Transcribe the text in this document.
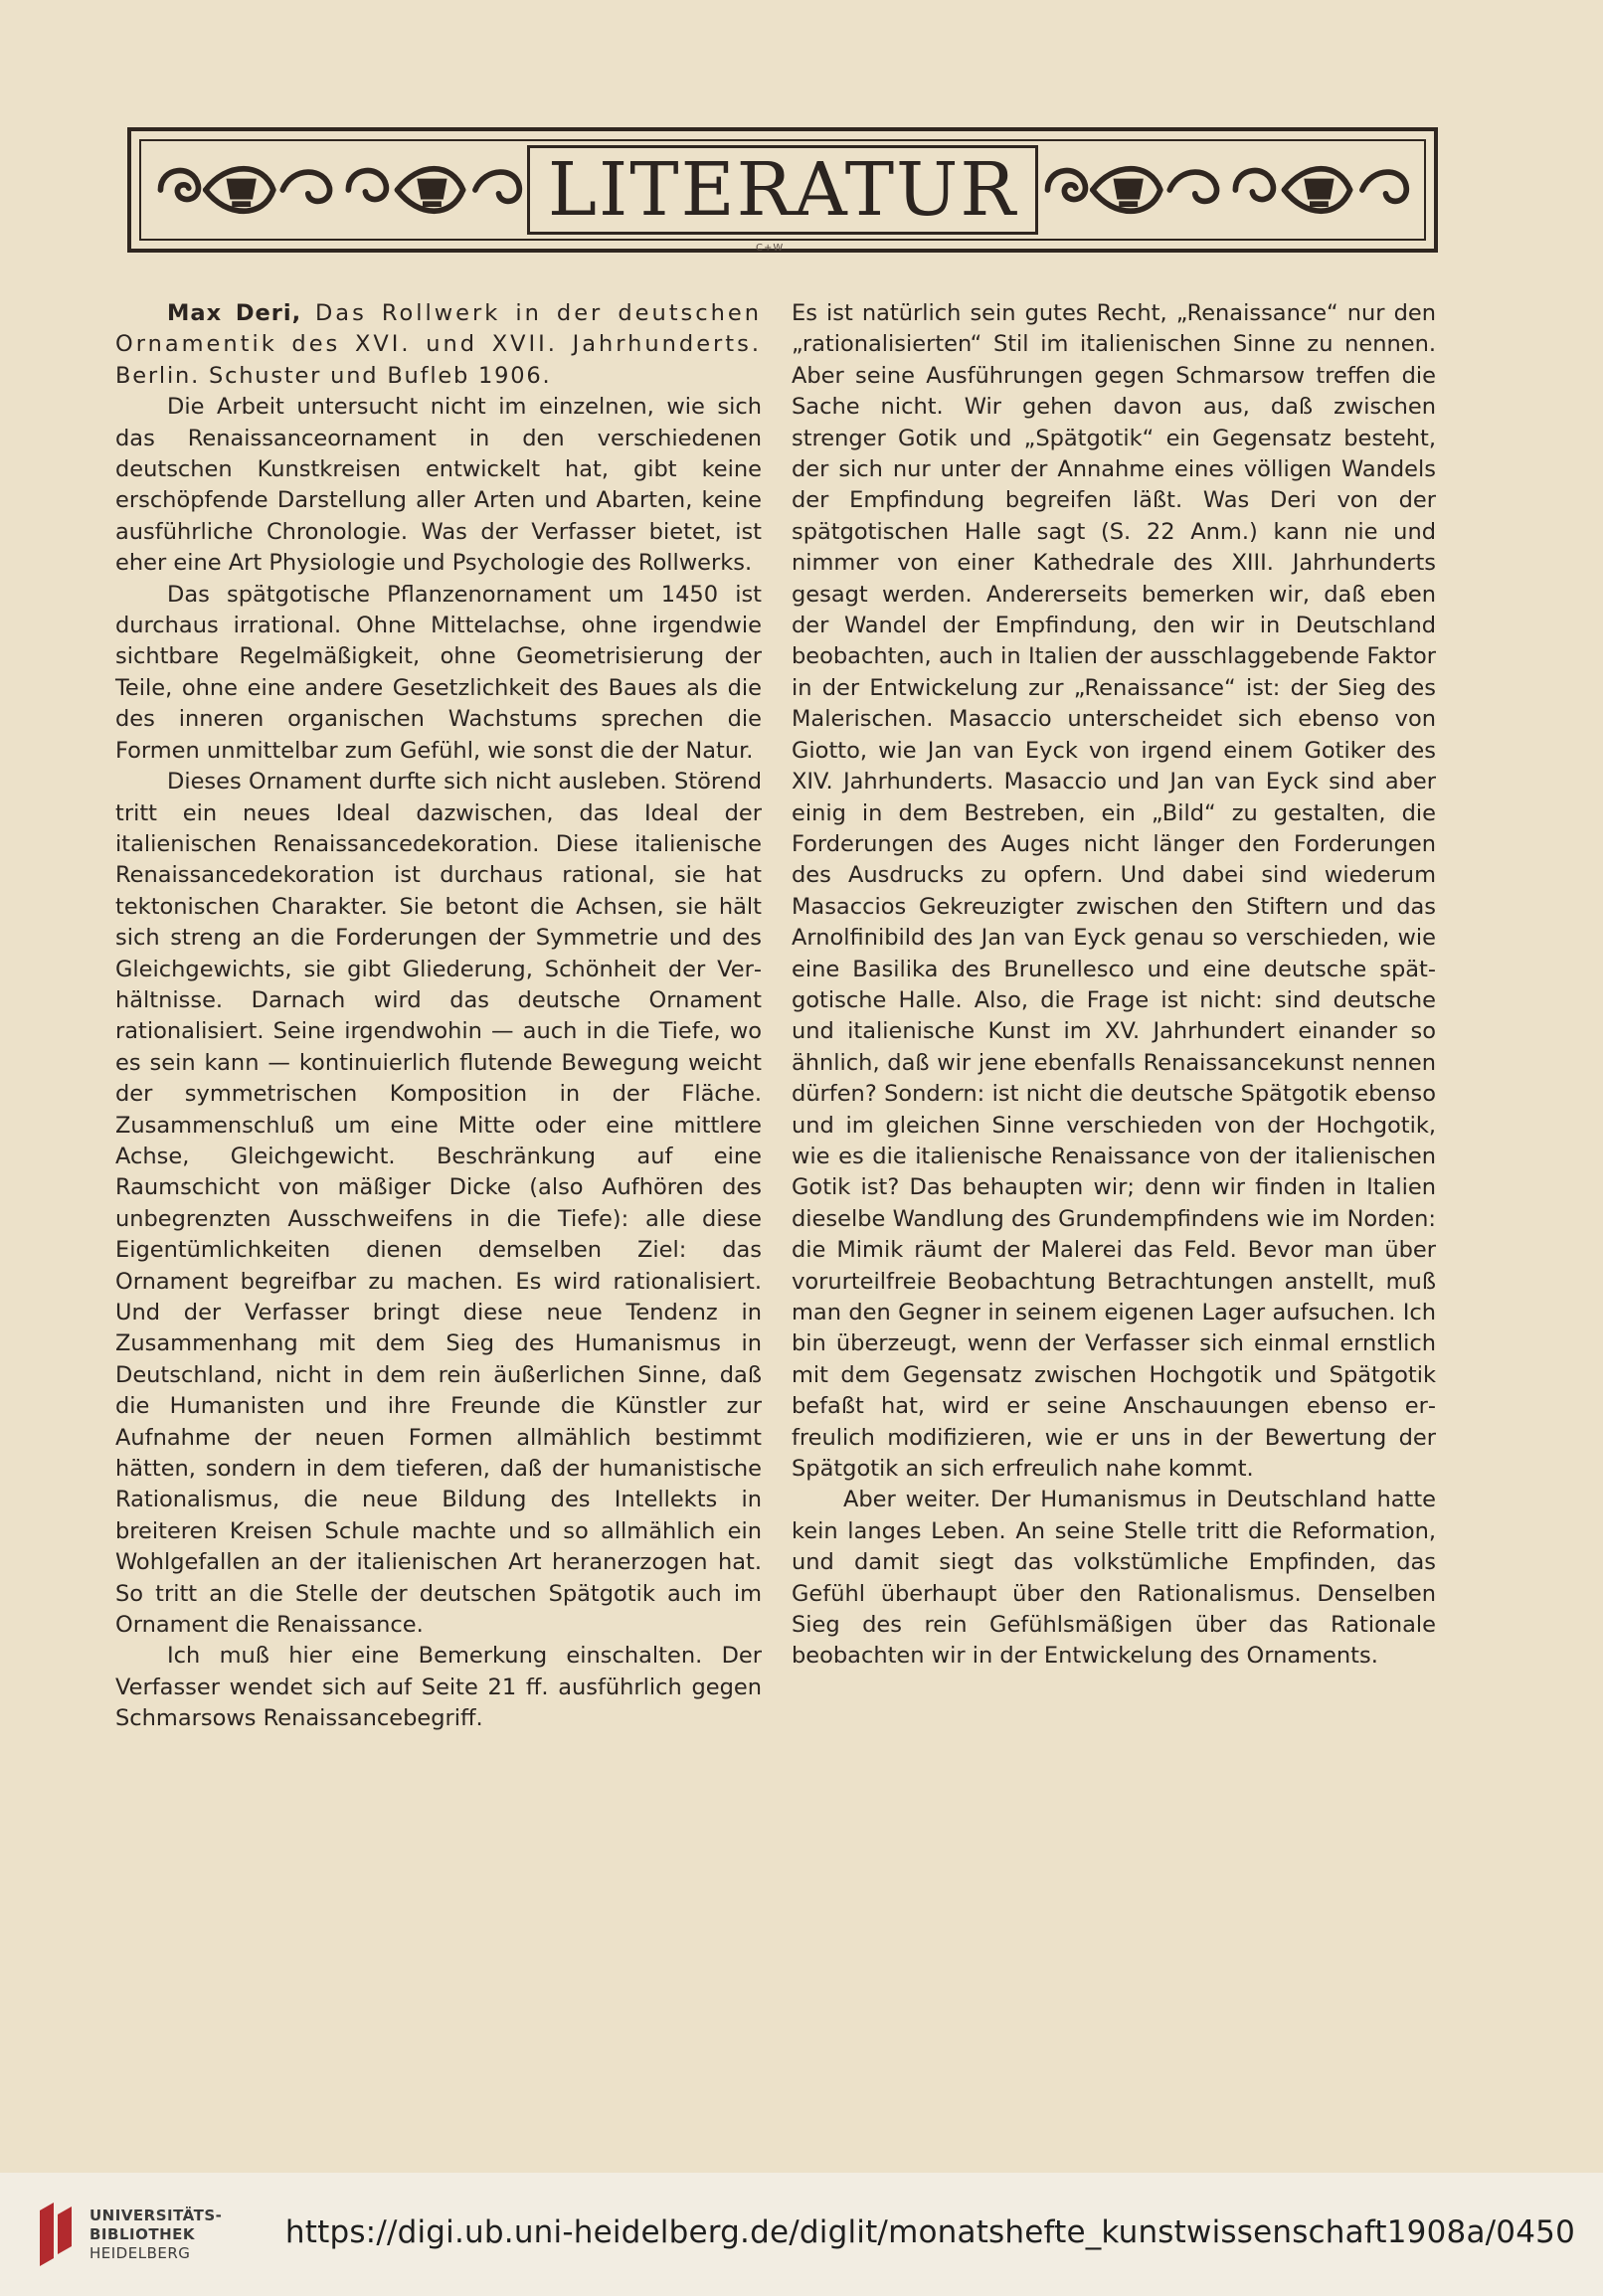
LITERATUR
C+W

Max Deri, Das Rollwerk in der deutschen Ornamentik des XVI. und XVII. Jahrhunderts. Berlin. Schuster und Bufleb 1906.

Die Arbeit untersucht nicht im einzelnen, wie sich das Renaissanceornament in den verschiedenen deutschen Kunstkreisen entwickelt hat, gibt keine erschöpfende Darstellung aller Arten und Abarten, keine ausführliche Chronologie. Was der Verfasser bietet, ist eher eine Art Physiologie und Psychologie des Rollwerks.

Das spätgotische Pflanzenornament um 1450 ist durchaus irrational. Ohne Mittelachse, ohne irgendwie sichtbare Regelmäßigkeit, ohne Geometrisierung der Teile, ohne eine andere Gesetzlichkeit des Baues als die des inneren organischen Wachstums sprechen die Formen unmittelbar zum Gefühl, wie sonst die der Natur.

Dieses Ornament durfte sich nicht ausleben. Störend tritt ein neues Ideal dazwischen, das Ideal der italienischen Renaissancedekoration. Diese italienische Renaissancedekoration ist durchaus rational, sie hat tektonischen Charakter. Sie betont die Achsen, sie hält sich streng an die Forderungen der Symmetrie und des Gleichgewichts, sie gibt Gliederung, Schönheit der Verhältnisse. Darnach wird das deutsche Ornament rationalisiert. Seine irgendwohin — auch in die Tiefe, wo es sein kann — kontinuierlich flutende Bewegung weicht der symmetrischen Komposition in der Fläche. Zusammenschluß um eine Mitte oder eine mittlere Achse, Gleichgewicht. Beschränkung auf eine Raumschicht von mäßiger Dicke (also Aufhören des unbegrenzten Ausschweifens in die Tiefe): alle diese Eigentümlichkeiten dienen demselben Ziel: das Ornament begreifbar zu machen. Es wird rationalisiert. Und der Verfasser bringt diese neue Tendenz in Zusammenhang mit dem Sieg des Humanismus in Deutschland, nicht in dem rein äußerlichen Sinne, daß die Humanisten und ihre Freunde die Künstler zur Aufnahme der neuen Formen allmählich bestimmt hätten, sondern in dem tieferen, daß der humanistische Rationalismus, die neue Bildung des Intellekts in breiteren Kreisen Schule machte und so allmählich ein Wohlgefallen an der italienischen Art heranerzogen hat. So tritt an die Stelle der deutschen Spätgotik auch im Ornament die Renaissance.

Ich muß hier eine Bemerkung einschalten. Der Verfasser wendet sich auf Seite 21 ff. ausführlich gegen Schmarsows Renaissancebegriff.

Es ist natürlich sein gutes Recht, „Renaissance“ nur den „rationalisierten“ Stil im italienischen Sinne zu nennen. Aber seine Ausführungen gegen Schmarsow treffen die Sache nicht. Wir gehen davon aus, daß zwischen strenger Gotik und „Spätgotik“ ein Gegensatz besteht, der sich nur unter der Annahme eines völligen Wandels der Empfindung begreifen läßt. Was Deri von der spätgotischen Halle sagt (S. 22 Anm.) kann nie und nimmer von einer Kathedrale des XIII. Jahrhunderts gesagt werden. Andererseits bemerken wir, daß eben der Wandel der Empfindung, den wir in Deutschland beobachten, auch in Italien der ausschlaggebende Faktor in der Entwickelung zur „Renaissance“ ist: der Sieg des Malerischen. Masaccio unterscheidet sich ebenso von Giotto, wie Jan van Eyck von irgend einem Gotiker des XIV. Jahrhunderts. Masaccio und Jan van Eyck sind aber einig in dem Bestreben, ein „Bild“ zu gestalten, die Forderungen des Auges nicht länger den Forderungen des Ausdrucks zu opfern. Und dabei sind wiederum Masaccios Gekreuzigter zwischen den Stiftern und das Arnolfinibild des Jan van Eyck genau so verschieden, wie eine Basilika des Brunellesco und eine deutsche spätgotische Halle. Also, die Frage ist nicht: sind deutsche und italienische Kunst im XV. Jahrhundert einander so ähnlich, daß wir jene ebenfalls Renaissancekunst nennen dürfen? Sondern: ist nicht die deutsche Spätgotik ebenso und im gleichen Sinne verschieden von der Hochgotik, wie es die italienische Renaissance von der italienischen Gotik ist? Das behaupten wir; denn wir finden in Italien dieselbe Wandlung des Grundempfindens wie im Norden: die Mimik räumt der Malerei das Feld. Bevor man über vorurteilfreie Beobachtung Betrachtungen anstellt, muß man den Gegner in seinem eigenen Lager aufsuchen. Ich bin überzeugt, wenn der Verfasser sich einmal ernstlich mit dem Gegensatz zwischen Hochgotik und Spätgotik befaßt hat, wird er seine Anschauungen ebenso erfreulich modifizieren, wie er uns in der Bewertung der Spätgotik an sich erfreulich nahe kommt.

Aber weiter. Der Humanismus in Deutschland hatte kein langes Leben. An seine Stelle tritt die Reformation, und damit siegt das volkstümliche Empfinden, das Gefühl überhaupt über den Rationalismus. Denselben Sieg des rein Gefühlsmäßigen über das Rationale beobachten wir in der Entwickelung des Ornaments.

UNIVERSITÄTS-
BIBLIOTHEK
HEIDELBERG
https://digi.ub.uni-heidelberg.de/diglit/monatshefte_kunstwissenschaft1908a/0450
